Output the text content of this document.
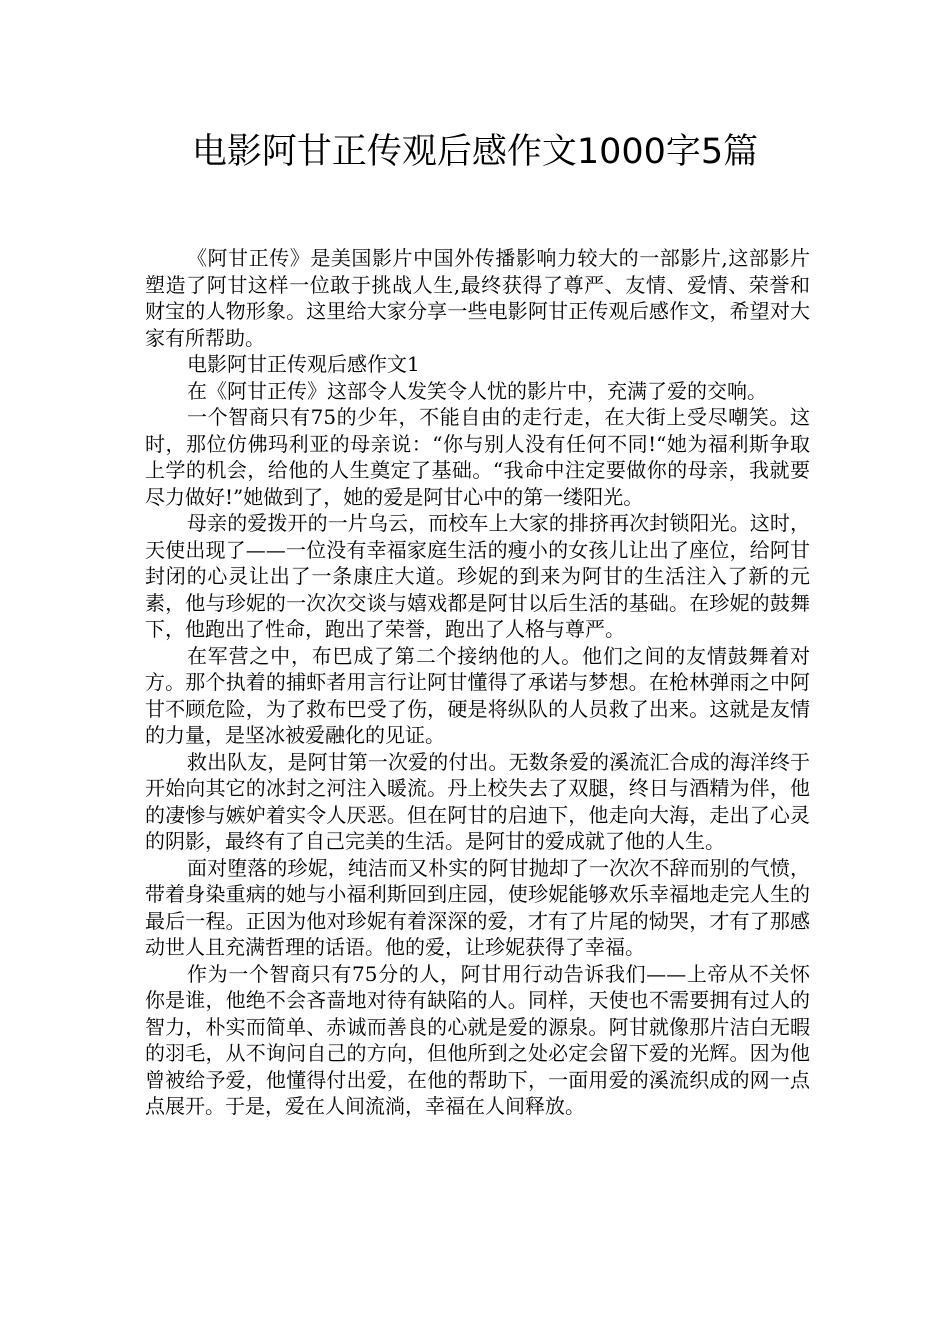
电影阿甘正传观后感作文1000字5篇

《阿甘正传》是美国影片中国外传播影响力较大的一部影片,这部影片塑造了阿甘这样一位敢于挑战人生,最终获得了尊严、友情、爱情、荣誉和财宝的人物形象。这里给大家分享一些电影阿甘正传观后感作文，希望对大家有所帮助。

电影阿甘正传观后感作文1

在《阿甘正传》这部令人发笑令人忧的影片中，充满了爱的交响。

一个智商只有75的少年，不能自由的走行走，在大街上受尽嘲笑。这时，那位仿佛玛利亚的母亲说：“你与别人没有任何不同!“她为福利斯争取上学的机会，给他的人生奠定了基础。“我命中注定要做你的母亲，我就要尽力做好!”她做到了，她的爱是阿甘心中的第一缕阳光。

母亲的爱拨开的一片乌云，而校车上大家的排挤再次封锁阳光。这时，天使出现了——一位没有幸福家庭生活的瘦小的女孩儿让出了座位，给阿甘封闭的心灵让出了一条康庄大道。珍妮的到来为阿甘的生活注入了新的元素，他与珍妮的一次次交谈与嬉戏都是阿甘以后生活的基础。在珍妮的鼓舞下，他跑出了性命，跑出了荣誉，跑出了人格与尊严。

在军营之中，布巴成了第二个接纳他的人。他们之间的友情鼓舞着对方。那个执着的捕虾者用言行让阿甘懂得了承诺与梦想。在枪林弹雨之中阿甘不顾危险，为了救布巴受了伤，硬是将纵队的人员救了出来。这就是友情的力量，是坚冰被爱融化的见证。

救出队友，是阿甘第一次爱的付出。无数条爱的溪流汇合成的海洋终于开始向其它的冰封之河注入暖流。丹上校失去了双腿，终日与酒精为伴，他的凄惨与嫉妒着实令人厌恶。但在阿甘的启迪下，他走向大海，走出了心灵的阴影，最终有了自己完美的生活。是阿甘的爱成就了他的人生。

面对堕落的珍妮，纯洁而又朴实的阿甘抛却了一次次不辞而别的气愤，带着身染重病的她与小福利斯回到庄园，使珍妮能够欢乐幸福地走完人生的最后一程。正因为他对珍妮有着深深的爱，才有了片尾的恸哭，才有了那感动世人且充满哲理的话语。他的爱，让珍妮获得了幸福。

作为一个智商只有75分的人，阿甘用行动告诉我们——上帝从不关怀你是谁，他绝不会吝啬地对待有缺陷的人。同样，天使也不需要拥有过人的智力，朴实而简单、赤诚而善良的心就是爱的源泉。阿甘就像那片洁白无暇的羽毛，从不询问自己的方向，但他所到之处必定会留下爱的光辉。因为他曾被给予爱，他懂得付出爱，在他的帮助下，一面用爱的溪流织成的网一点点展开。于是，爱在人间流淌，幸福在人间释放。
